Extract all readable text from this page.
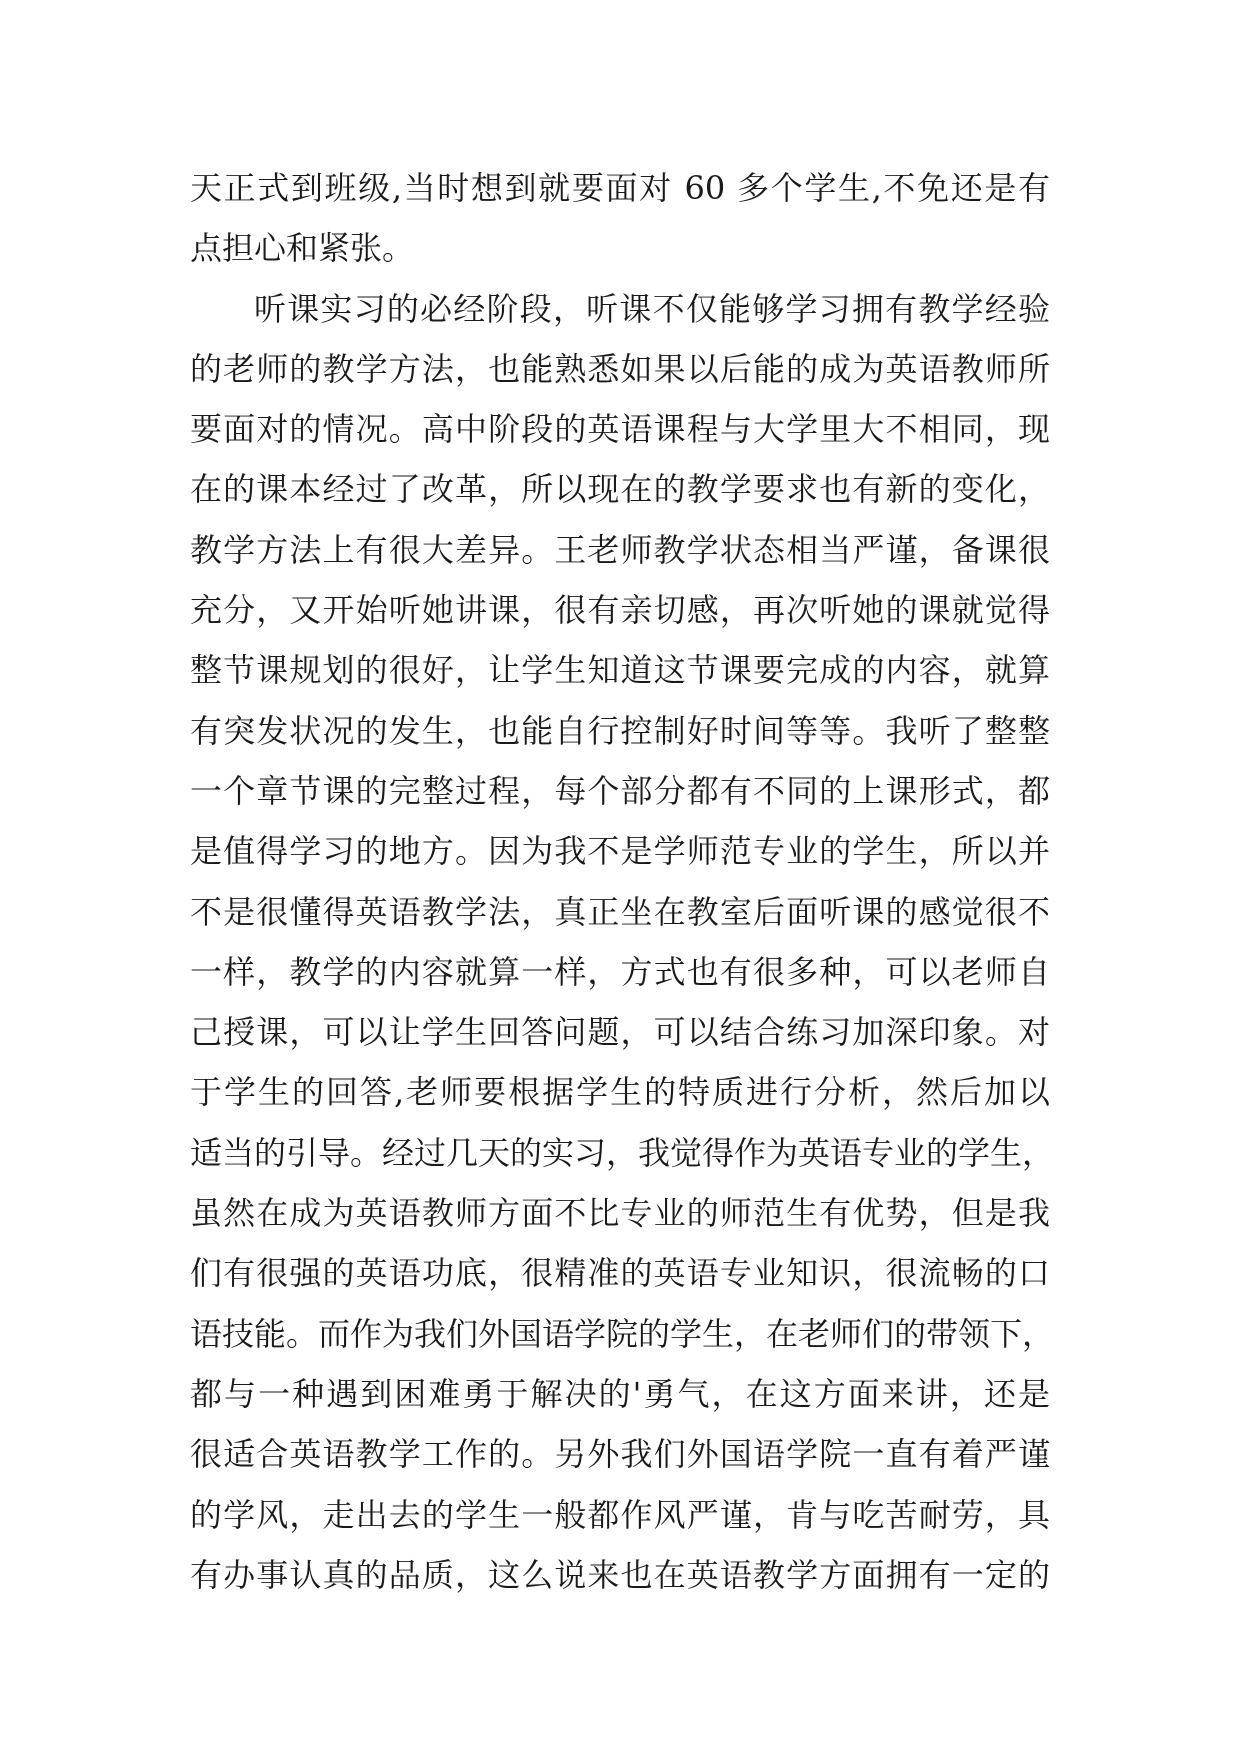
天正式到班级,当时想到就要面对 60 多个学生,不免还是有
点担心和紧张。
听课实习的必经阶段，听课不仅能够学习拥有教学经验
的老师的教学方法，也能熟悉如果以后能的成为英语教师所
要面对的情况。高中阶段的英语课程与大学里大不相同，现
在的课本经过了改革，所以现在的教学要求也有新的变化，
教学方法上有很大差异。王老师教学状态相当严谨，备课很
充分，又开始听她讲课，很有亲切感，再次听她的课就觉得
整节课规划的很好，让学生知道这节课要完成的内容，就算
有突发状况的发生，也能自行控制好时间等等。我听了整整
一个章节课的完整过程，每个部分都有不同的上课形式，都
是值得学习的地方。因为我不是学师范专业的学生，所以并
不是很懂得英语教学法，真正坐在教室后面听课的感觉很不
一样，教学的内容就算一样，方式也有很多种，可以老师自
己授课，可以让学生回答问题，可以结合练习加深印象。对
于学生的回答,老师要根据学生的特质进行分析，然后加以
适当的引导。经过几天的实习，我觉得作为英语专业的学生，
虽然在成为英语教师方面不比专业的师范生有优势，但是我
们有很强的英语功底，很精准的英语专业知识，很流畅的口
语技能。而作为我们外国语学院的学生，在老师们的带领下，
都与一种遇到困难勇于解决的'勇气，在这方面来讲，还是
很适合英语教学工作的。另外我们外国语学院一直有着严谨
的学风，走出去的学生一般都作风严谨，肯与吃苦耐劳，具
有办事认真的品质，这么说来也在英语教学方面拥有一定的
